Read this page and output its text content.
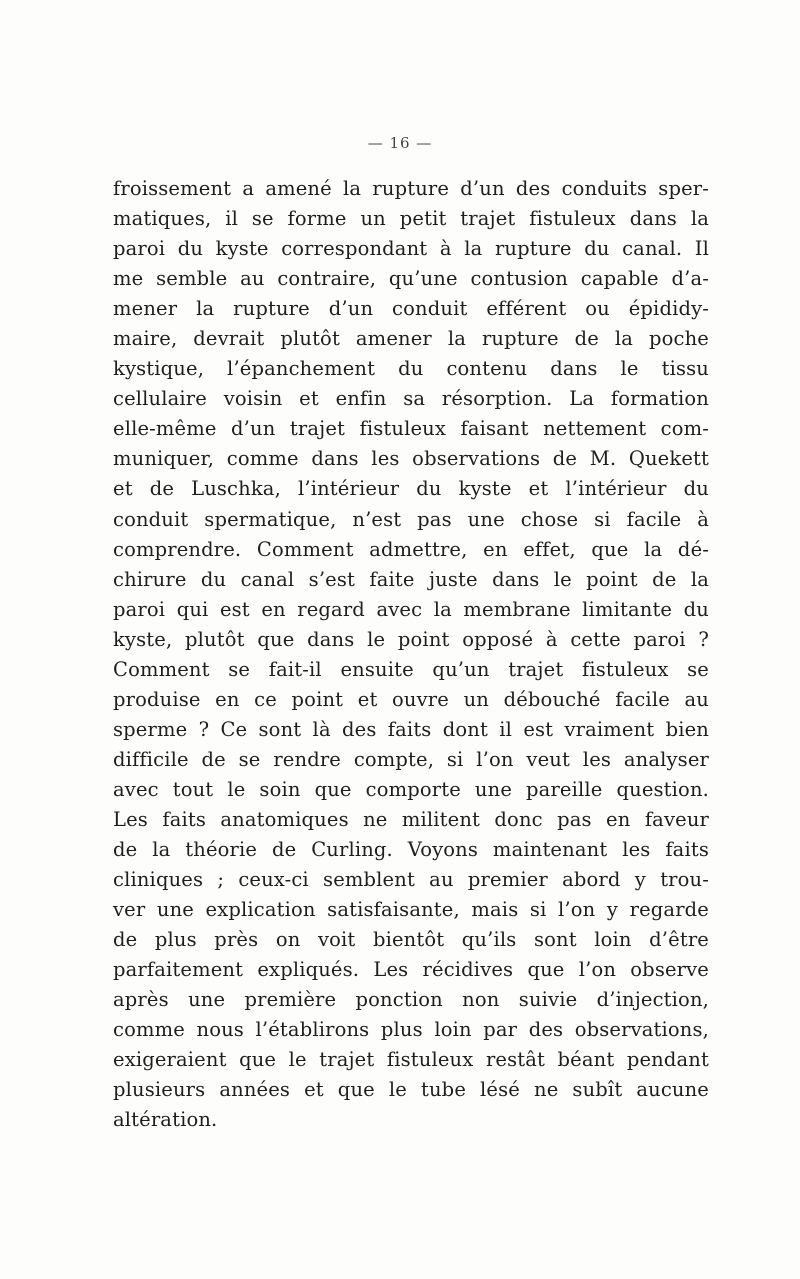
— 16 —
froissement a amené la rupture d’un des conduits sper-
matiques, il se forme un petit trajet fistuleux dans la
paroi du kyste correspondant à la rupture du canal. Il
me semble au contraire, qu’une contusion capable d’a-
mener la rupture d’un conduit efférent ou épididy-
maire, devrait plutôt amener la rupture de la poche
kystique, l’épanchement du contenu dans le tissu
cellulaire voisin et enfin sa résorption. La formation
elle-même d’un trajet fistuleux faisant nettement com-
muniquer, comme dans les observations de M. Quekett
et de Luschka, l’intérieur du kyste et l’intérieur du
conduit spermatique, n’est pas une chose si facile à
comprendre. Comment admettre, en effet, que la dé-
chirure du canal s’est faite juste dans le point de la
paroi qui est en regard avec la membrane limitante du
kyste, plutôt que dans le point opposé à cette paroi ?
Comment se fait-il ensuite qu’un trajet fistuleux se
produise en ce point et ouvre un débouché facile au
sperme ? Ce sont là des faits dont il est vraiment bien
difficile de se rendre compte, si l’on veut les analyser
avec tout le soin que comporte une pareille question.
Les faits anatomiques ne militent donc pas en faveur
de la théorie de Curling. Voyons maintenant les faits
cliniques ; ceux-ci semblent au premier abord y trou-
ver une explication satisfaisante, mais si l’on y regarde
de plus près on voit bientôt qu’ils sont loin d’être
parfaitement expliqués. Les récidives que l’on observe
après une première ponction non suivie d’injection,
comme nous l’établirons plus loin par des observations,
exigeraient que le trajet fistuleux restât béant pendant
plusieurs années et que le tube lésé ne subît aucune
altération.
